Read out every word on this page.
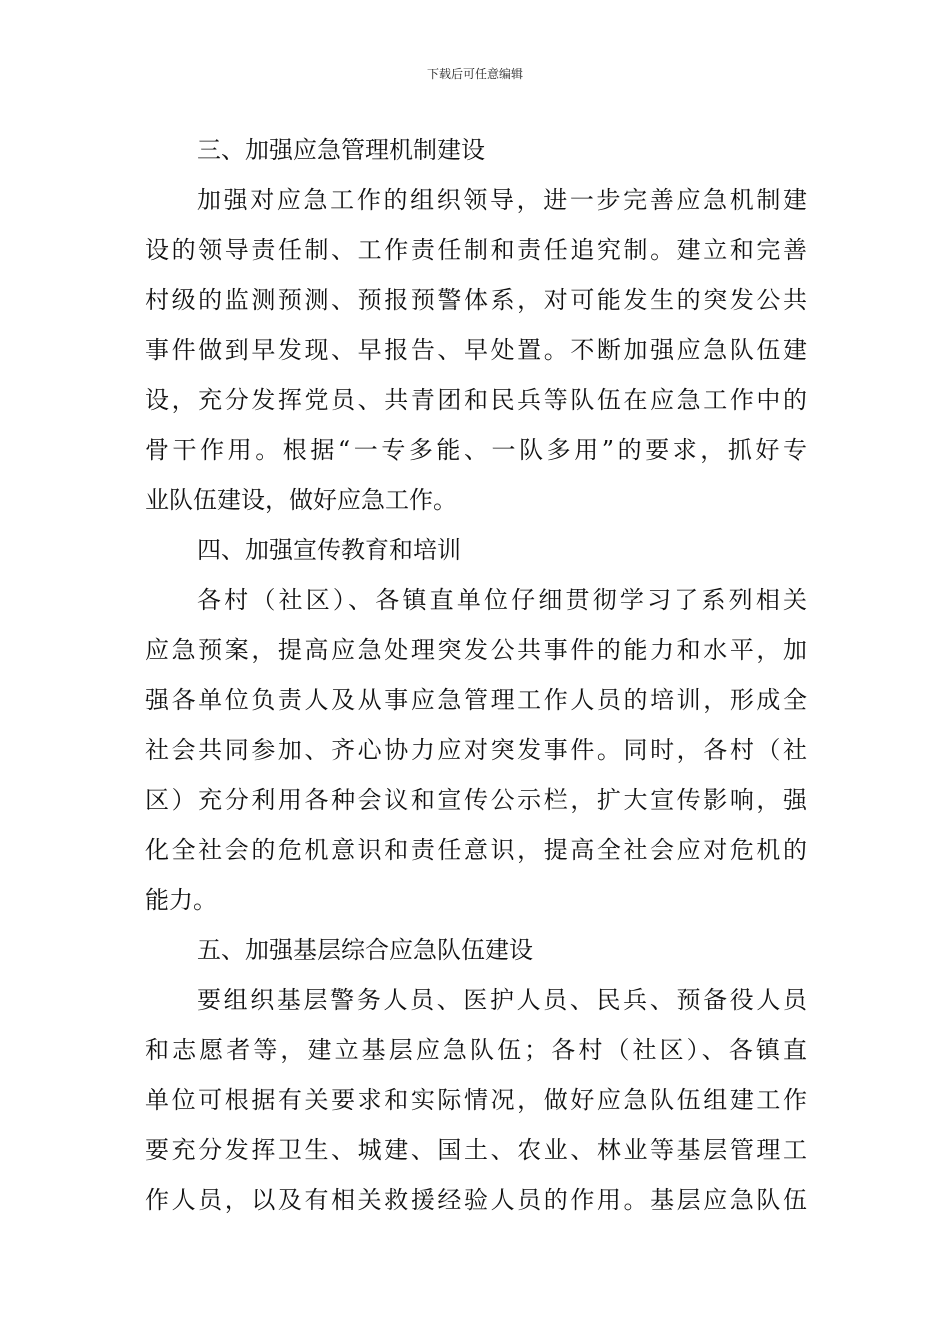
下载后可任意编辑
三、加强应急管理机制建设
加强对应急工作的组织领导，进一步完善应急机制建
设的领导责任制、工作责任制和责任追究制。建立和完善
村级的监测预测、预报预警体系，对可能发生的突发公共
事件做到早发现、早报告、早处置。不断加强应急队伍建
设，充分发挥党员、共青团和民兵等队伍在应急工作中的
骨干作用。根据“一专多能、一队多用”的要求，抓好专
业队伍建设，做好应急工作。
四、加强宣传教育和培训
各村（社区）、各镇直单位仔细贯彻学习了系列相关
应急预案，提高应急处理突发公共事件的能力和水平，加
强各单位负责人及从事应急管理工作人员的培训，形成全
社会共同参加、齐心协力应对突发事件。同时，各村（社
区）充分利用各种会议和宣传公示栏，扩大宣传影响，强
化全社会的危机意识和责任意识，提高全社会应对危机的
能力。
五、加强基层综合应急队伍建设
要组织基层警务人员、医护人员、民兵、预备役人员
和志愿者等，建立基层应急队伍；各村（社区）、各镇直
单位可根据有关要求和实际情况，做好应急队伍组建工作
要充分发挥卫生、城建、国土、农业、林业等基层管理工
作人员，以及有相关救援经验人员的作用。基层应急队伍
